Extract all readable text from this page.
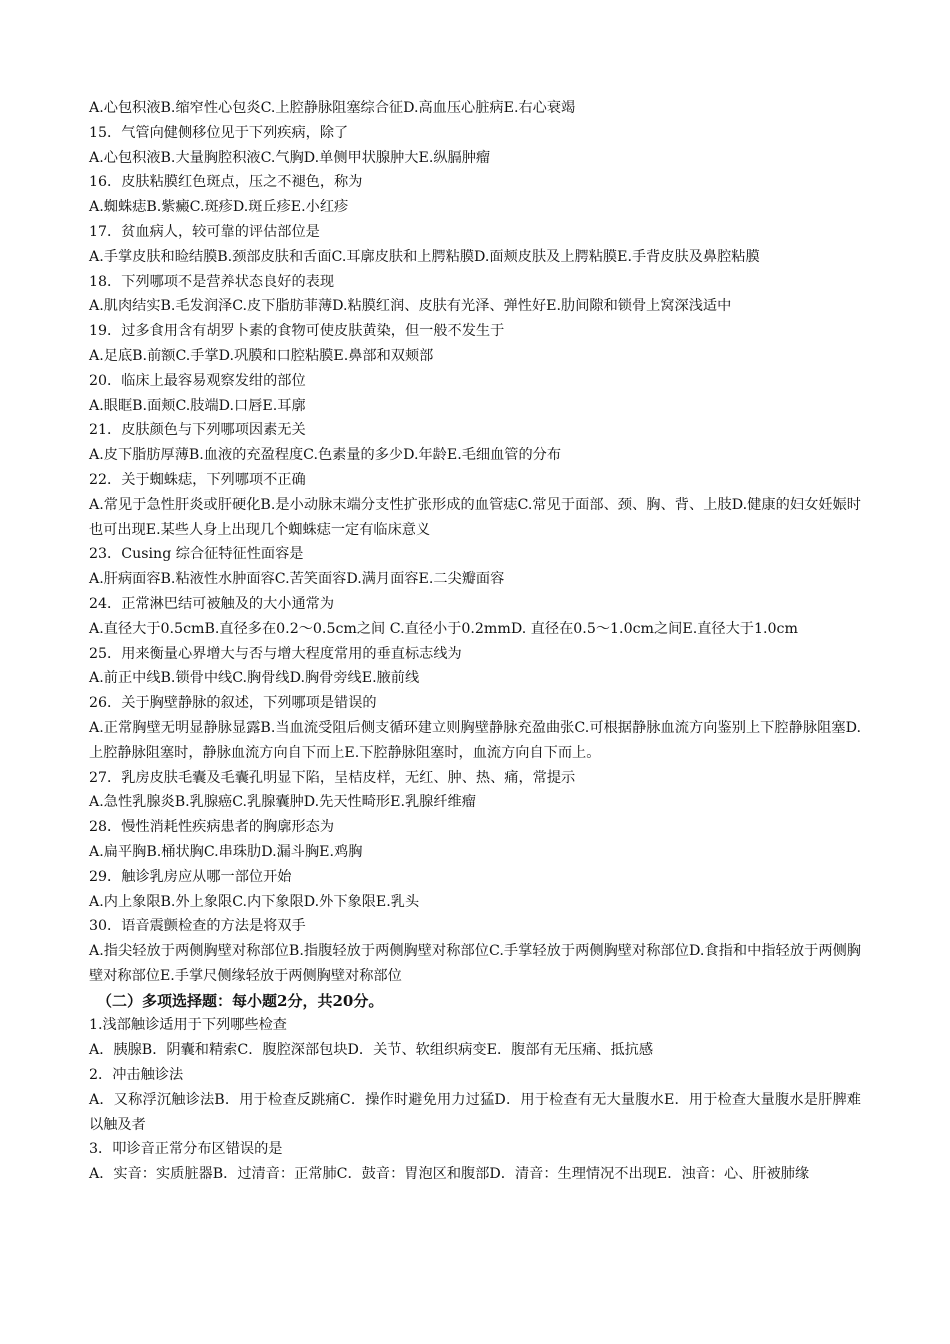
A.心包积液B.缩窄性心包炎C.上腔静脉阻塞综合征D.高血压心脏病E.右心衰竭

15．气管向健侧移位见于下列疾病，除了

A.心包积液B.大量胸腔积液C.气胸D.单侧甲状腺肿大E.纵膈肿瘤

16．皮肤粘膜红色斑点，压之不褪色，称为

A.蜘蛛痣B.紫癜C.斑疹D.斑丘疹E.小红疹

17．贫血病人，较可靠的评估部位是

A.手掌皮肤和睑结膜B.颈部皮肤和舌面C.耳廓皮肤和上腭粘膜D.面颊皮肤及上腭粘膜E.手背皮肤及鼻腔粘膜

18．下列哪项不是营养状态良好的表现

A.肌肉结实B.毛发润泽C.皮下脂肪菲薄D.粘膜红润、皮肤有光泽、弹性好E.肋间隙和锁骨上窝深浅适中

19．过多食用含有胡罗卜素的食物可使皮肤黄染，但一般不发生于

A.足底B.前额C.手掌D.巩膜和口腔粘膜E.鼻部和双颊部

20．临床上最容易观察发绀的部位

A.眼眶B.面颊C.肢端D.口唇E.耳廓

21．皮肤颜色与下列哪项因素无关

A.皮下脂肪厚薄B.血液的充盈程度C.色素量的多少D.年龄E.毛细血管的分布

22．关于蜘蛛痣，下列哪项不正确

A.常见于急性肝炎或肝硬化B.是小动脉末端分支性扩张形成的血管痣C.常见于面部、颈、胸、背、上肢D.健康的妇女妊娠时也可出现E.某些人身上出现几个蜘蛛痣一定有临床意义

23．Cusing 综合征特征性面容是

A.肝病面容B.粘液性水肿面容C.苦笑面容D.满月面容E.二尖瓣面容

24．正常淋巴结可被触及的大小通常为

A.直径大于0.5cmB.直径多在0.2～0.5cm之间 C.直径小于0.2mmD. 直径在0.5～1.0cm之间E.直径大于1.0cm

25．用来衡量心界增大与否与增大程度常用的垂直标志线为

A.前正中线B.锁骨中线C.胸骨线D.胸骨旁线E.腋前线

26．关于胸壁静脉的叙述，下列哪项是错误的

A.正常胸壁无明显静脉显露B.当血流受阻后侧支循环建立则胸壁静脉充盈曲张C.可根据静脉血流方向鉴别上下腔静脉阻塞D.上腔静脉阻塞时，静脉血流方向自下而上E.下腔静脉阻塞时，血流方向自下而上。

27．乳房皮肤毛囊及毛囊孔明显下陷，呈桔皮样，无红、肿、热、痛，常提示

A.急性乳腺炎B.乳腺癌C.乳腺囊肿D.先天性畸形E.乳腺纤维瘤

28．慢性消耗性疾病患者的胸廓形态为

A.扁平胸B.桶状胸C.串珠肋D.漏斗胸E.鸡胸

29．触诊乳房应从哪一部位开始

A.内上象限B.外上象限C.内下象限D.外下象限E.乳头

30．语音震颤检查的方法是将双手

A.指尖轻放于两侧胸壁对称部位B.指腹轻放于两侧胸壁对称部位C.手掌轻放于两侧胸壁对称部位D.食指和中指轻放于两侧胸壁对称部位E.手掌尺侧缘轻放于两侧胸壁对称部位

（二）多项选择题：每小题2分，共20分。

1.浅部触诊适用于下列哪些检查

A．胰腺B．阴囊和精索C．腹腔深部包块D．关节、软组织病变E．腹部有无压痛、抵抗感

2．冲击触诊法

A．又称浮沉触诊法B．用于检查反跳痛C．操作时避免用力过猛D．用于检查有无大量腹水E．用于检查大量腹水是肝脾难以触及者

3．叩诊音正常分布区错误的是

A．实音：实质脏器B．过清音：正常肺C．鼓音：胃泡区和腹部D．清音：生理情况不出现E．浊音：心、肝被肺缘
